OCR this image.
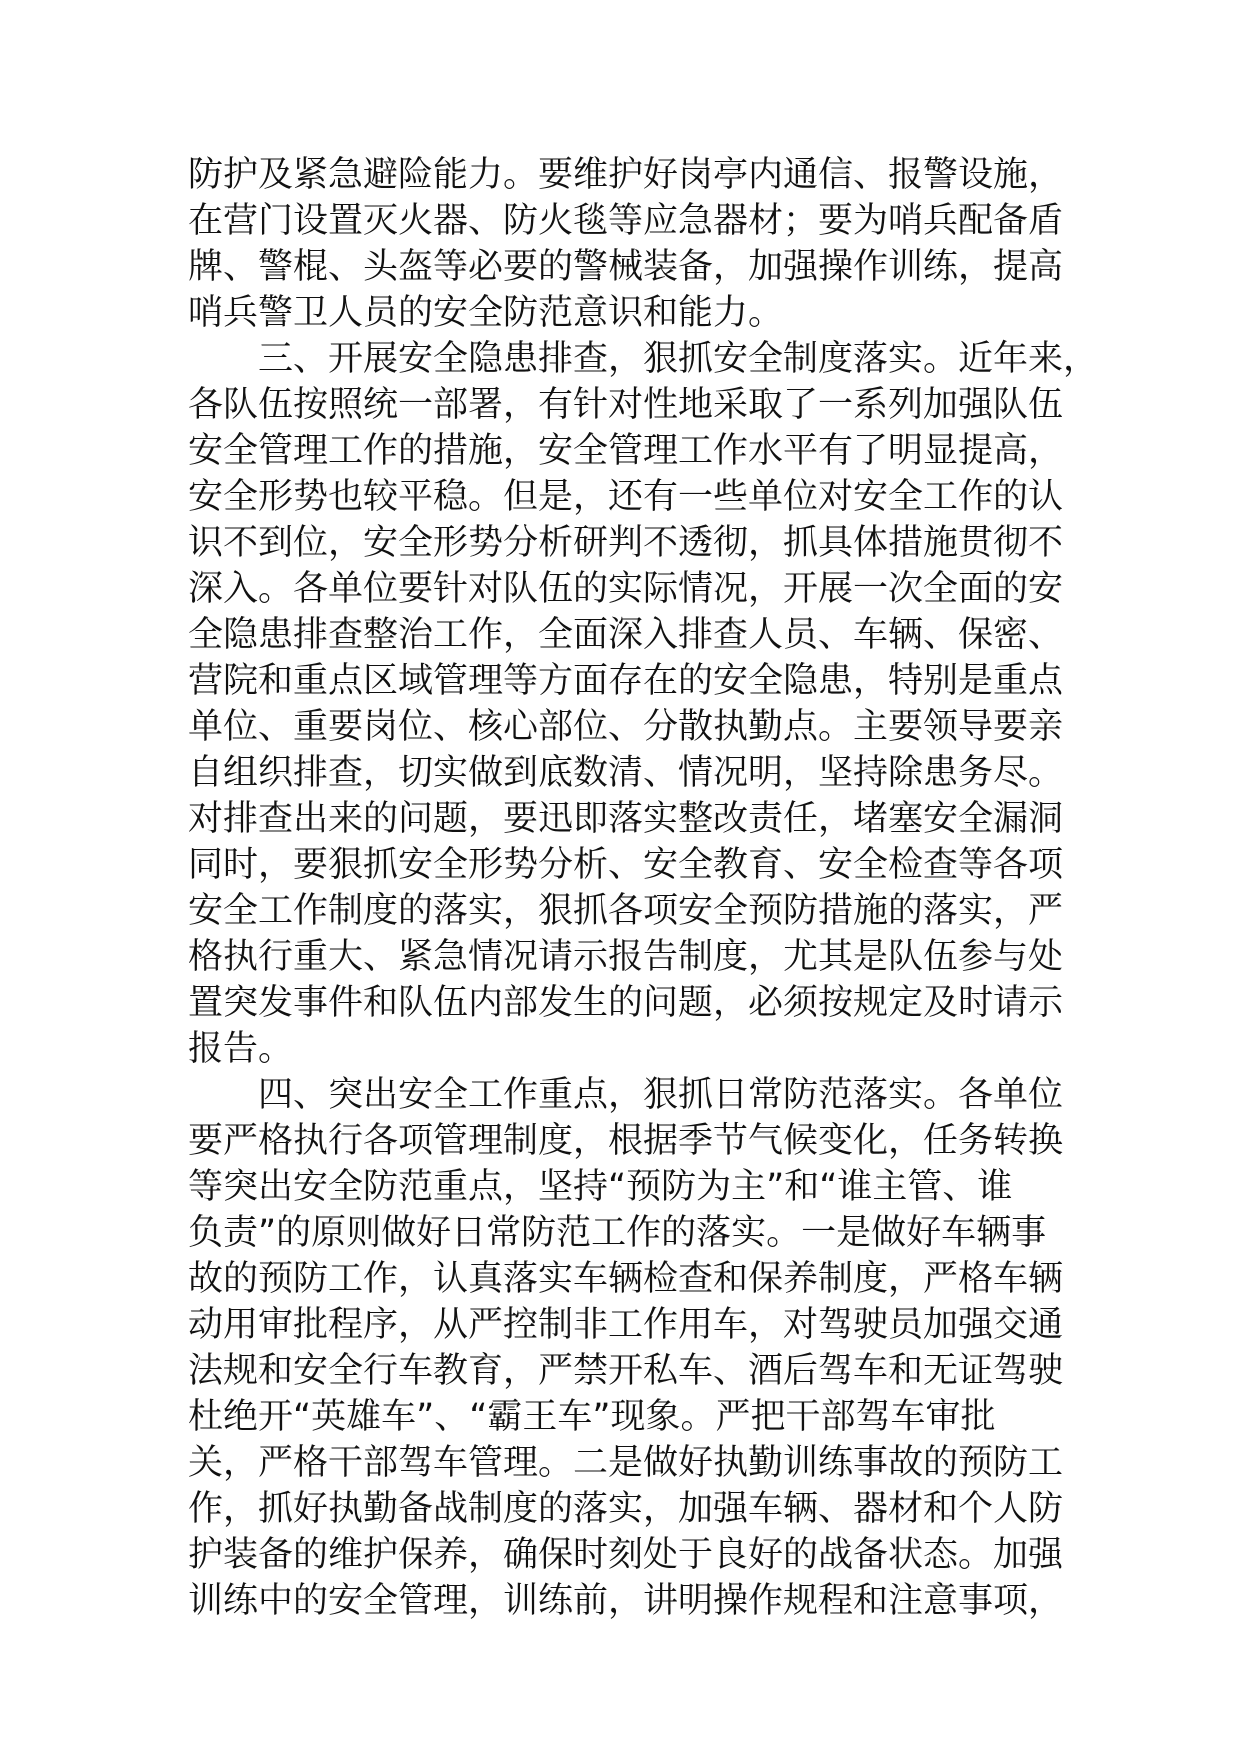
防护及紧急避险能力。要维护好岗亭内通信、报警设施，
在营门设置灭火器、防火毯等应急器材；要为哨兵配备盾
牌、警棍、头盔等必要的警械装备，加强操作训练，提高
哨兵警卫人员的安全防范意识和能力。
三、开展安全隐患排查，狠抓安全制度落实。近年来，
各队伍按照统一部署，有针对性地采取了一系列加强队伍
安全管理工作的措施，安全管理工作水平有了明显提高，
安全形势也较平稳。但是，还有一些单位对安全工作的认
识不到位，安全形势分析研判不透彻，抓具体措施贯彻不
深入。各单位要针对队伍的实际情况，开展一次全面的安
全隐患排查整治工作，全面深入排查人员、车辆、保密、
营院和重点区域管理等方面存在的安全隐患，特别是重点
单位、重要岗位、核心部位、分散执勤点。主要领导要亲
自组织排查，切实做到底数清、情况明，坚持除患务尽。
对排查出来的问题，要迅即落实整改责任，堵塞安全漏洞
同时，要狠抓安全形势分析、安全教育、安全检查等各项
安全工作制度的落实，狠抓各项安全预防措施的落实，严
格执行重大、紧急情况请示报告制度，尤其是队伍参与处
置突发事件和队伍内部发生的问题，必须按规定及时请示
报告。
四、突出安全工作重点，狠抓日常防范落实。各单位
要严格执行各项管理制度，根据季节气候变化，任务转换
等突出安全防范重点，坚持“预防为主”和“谁主管、谁
负责”的原则做好日常防范工作的落实。一是做好车辆事
故的预防工作，认真落实车辆检查和保养制度，严格车辆
动用审批程序，从严控制非工作用车，对驾驶员加强交通
法规和安全行车教育，严禁开私车、酒后驾车和无证驾驶
杜绝开“英雄车”、“霸王车”现象。严把干部驾车审批
关，严格干部驾车管理。二是做好执勤训练事故的预防工
作，抓好执勤备战制度的落实，加强车辆、器材和个人防
护装备的维护保养，确保时刻处于良好的战备状态。加强
训练中的安全管理，训练前，讲明操作规程和注意事项，
